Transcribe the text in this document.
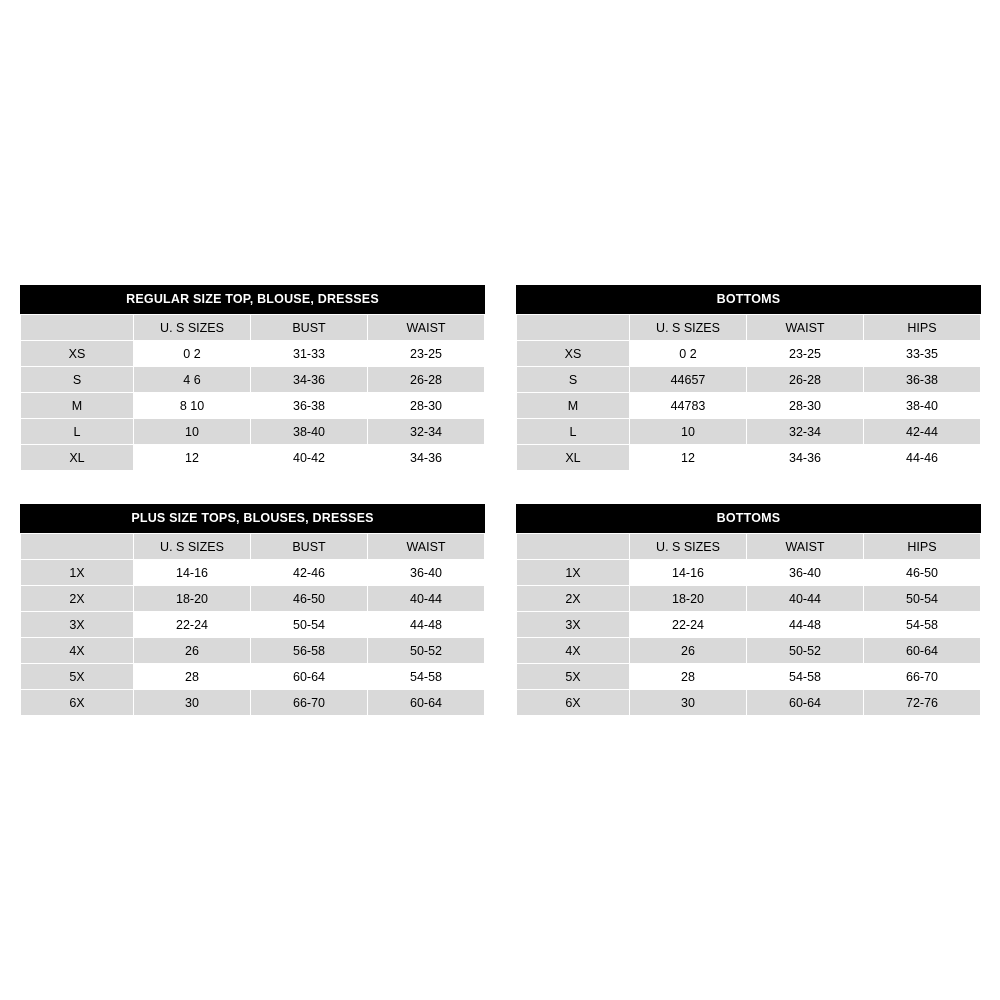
REGULAR SIZE TOP, BLOUSE, DRESSES
	U. S SIZES	BUST	WAIST
XS	0 2	31-33	23-25
S	4 6	34-36	26-28
M	8 10	36-38	28-30
L	10	38-40	32-34
XL	12	40-42	34-36
BOTTOMS
	U. S SIZES	WAIST	HIPS
XS	0 2	23-25	33-35
S	44657	26-28	36-38
M	44783	28-30	38-40
L	10	32-34	42-44
XL	12	34-36	44-46
PLUS SIZE TOPS, BLOUSES, DRESSES
	U. S SIZES	BUST	WAIST
1X	14-16	42-46	36-40
2X	18-20	46-50	40-44
3X	22-24	50-54	44-48
4X	26	56-58	50-52
5X	28	60-64	54-58
6X	30	66-70	60-64
BOTTOMS
	U. S SIZES	WAIST	HIPS
1X	14-16	36-40	46-50
2X	18-20	40-44	50-54
3X	22-24	44-48	54-58
4X	26	50-52	60-64
5X	28	54-58	66-70
6X	30	60-64	72-76
